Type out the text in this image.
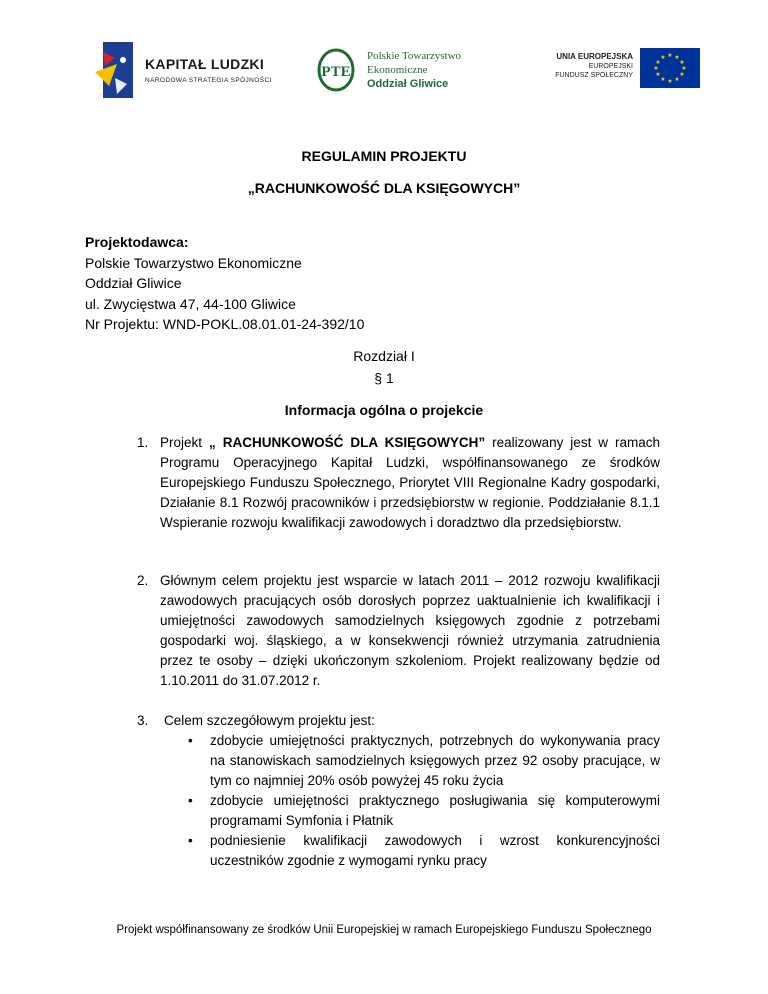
KAPITAŁ LUDZKI
NARODOWA STRATEGIA SPÓJNOŚCI
PTE
Polskie Towarzystwo
Ekonomiczne
Oddział Gliwice
UNIA EUROPEJSKA
EUROPEJSKI
FUNDUSZ SPOŁECZNY
★ ★
★
★
★
★
★
★
★
★
★
★
REGULAMIN PROJEKTU
„RACHUNKOWOŚĆ DLA KSIĘGOWYCH”
Projektodawca:
Polskie Towarzystwo Ekonomiczne
Oddział Gliwice
ul. Zwycięstwa 47, 44-100 Gliwice
Nr Projektu: WND-POKL.08.01.01-24-392/10
Rozdział I
§ 1
Informacja ogólna o projekcie
1. Projekt „ RACHUNKOWOŚĆ DLA KSIĘGOWYCH” realizowany jest w ramach Programu Operacyjnego Kapitał Ludzki, współfinansowanego ze środków Europejskiego Funduszu Społecznego, Priorytet VIII Regionalne Kadry gospodarki, Działanie 8.1 Rozwój pracowników i przedsiębiorstw w regionie. Poddziałanie 8.1.1 Wspieranie rozwoju kwalifikacji zawodowych i doradztwo dla przedsiębiorstw.
2. Głównym celem projektu jest wsparcie w latach 2011 – 2012 rozwoju kwalifikacji zawodowych pracujących osób dorosłych poprzez uaktualnienie ich kwalifikacji i umiejętności zawodowych samodzielnych księgowych zgodnie z potrzebami gospodarki woj. śląskiego, a w konsekwencji również utrzymania zatrudnienia przez te osoby – dzięki ukończonym szkoleniom. Projekt realizowany będzie od 1.10.2011 do 31.07.2012 r.
3. Celem szczegółowym projektu jest:
• zdobycie umiejętności praktycznych, potrzebnych do wykonywania pracy na stanowiskach samodzielnych księgowych przez 92 osoby pracujące, w tym co najmniej 20% osób powyżej 45 roku życia
• zdobycie umiejętności praktycznego posługiwania się komputerowymi programami Symfonia i Płatnik
• podniesienie kwalifikacji zawodowych i wzrost konkurencyjności uczestników zgodnie z wymogami rynku pracy
Projekt współfinansowany ze środków Unii Europejskiej w ramach Europejskiego Funduszu Społecznego
